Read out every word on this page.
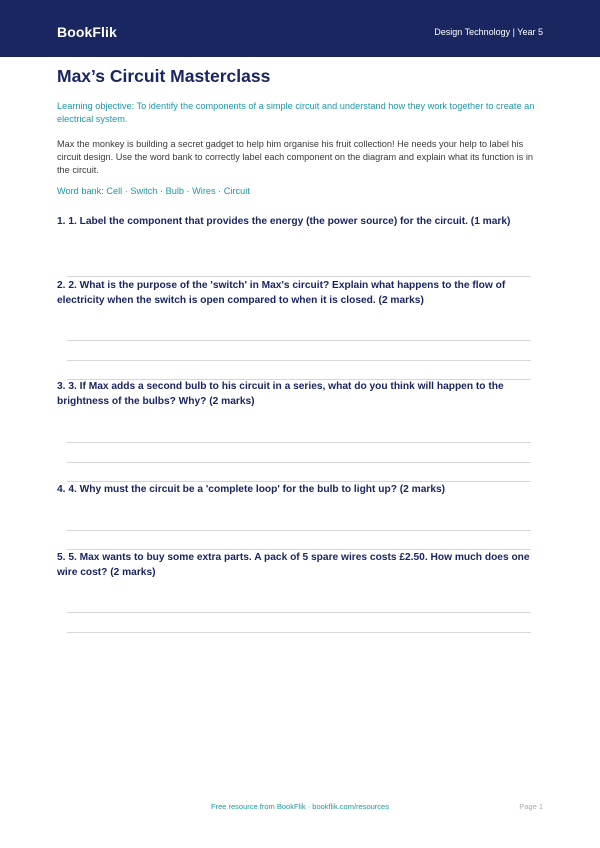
BookFlik	Design Technology | Year 5
Max’s Circuit Masterclass
Learning objective: To identify the components of a simple circuit and understand how they work together to create an electrical system.
Max the monkey is building a secret gadget to help him organise his fruit collection! He needs your help to label his circuit design. Use the word bank to correctly label each component on the diagram and explain what its function is in the circuit.
Word bank: Cell · Switch · Bulb · Wires · Circuit
1. 1. Label the component that provides the energy (the power source) for the circuit. (1 mark)
2. 2. What is the purpose of the 'switch' in Max's circuit? Explain what happens to the flow of electricity when the switch is open compared to when it is closed. (2 marks)
3. 3. If Max adds a second bulb to his circuit in a series, what do you think will happen to the brightness of the bulbs? Why? (2 marks)
4. 4. Why must the circuit be a 'complete loop' for the bulb to light up? (2 marks)
5. 5. Max wants to buy some extra parts. A pack of 5 spare wires costs £2.50. How much does one wire cost? (2 marks)
Free resource from BookFlik · bookflik.com/resources	Page 1
